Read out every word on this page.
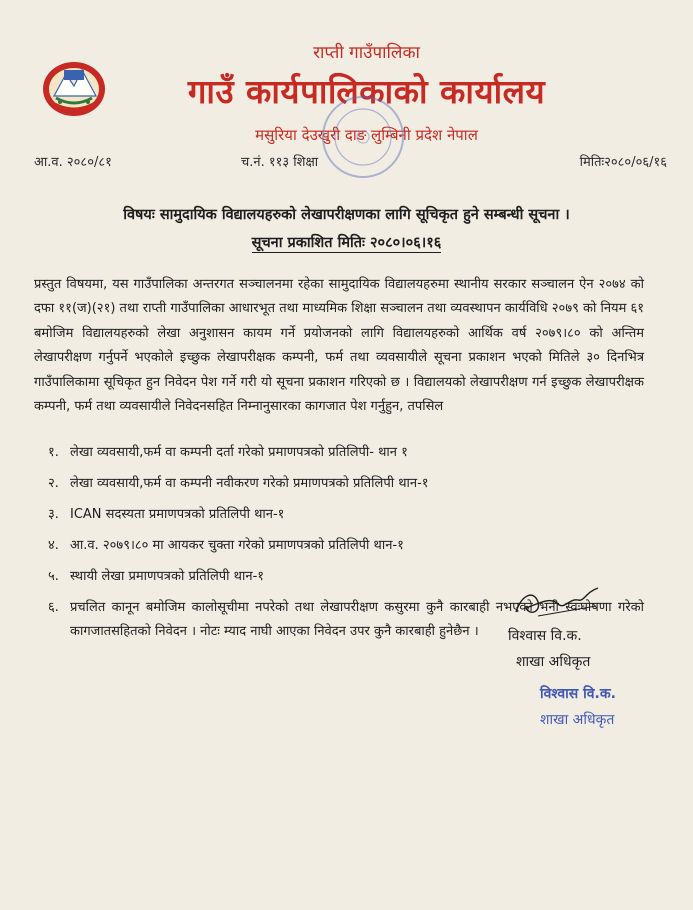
राप्ती गाउँपालिका
गाउँ कार्यपालिकाको कार्यालय
मसुरिया देउखुरी दाङ लुम्बिनी प्रदेश नेपाल
आ.व. २०८०/८१	च.नं. ११३ शिक्षा	मितिः२०८०/०६/१६
विषयः सामुदायिक विद्यालयहरुको लेखापरीक्षणका लागि सूचिकृत हुने सम्बन्धी सूचना ।
सूचना प्रकाशित मितिः २०८०।०६।१६
प्रस्तुत विषयमा, यस गाउँपालिका अन्तरगत सञ्चालनमा रहेका सामुदायिक विद्यालयहरुमा स्थानीय सरकार सञ्चालन ऐन २०७४ को दफा ११(ज)(२१) तथा राप्ती गाउँपालिका आधारभूत तथा माध्यमिक शिक्षा सञ्चालन तथा व्यवस्थापन कार्यविधि २०७९ को नियम ६१ बमोजिम विद्यालयहरुको लेखा अनुशासन कायम गर्ने प्रयोजनको लागि विद्यालयहरुको आर्थिक वर्ष २०७९।८० को अन्तिम लेखापरीक्षण गर्नुपर्ने भएकोले इच्छुक लेखापरीक्षक कम्पनी, फर्म तथा व्यवसायीले सूचना प्रकाशन भएको मितिले ३० दिनभित्र गाउँपालिकामा सूचिकृत हुन निवेदन पेश गर्ने गरी यो सूचना प्रकाशन गरिएको छ । विद्यालयको लेखापरीक्षण गर्न इच्छुक लेखापरीक्षक कम्पनी, फर्म तथा व्यवसायीले निवेदनसहित निम्नानुसारका कागजात पेश गर्नुहुन, तपसिल
१. लेखा व्यवसायी,फर्म वा कम्पनी दर्ता गरेको प्रमाणपत्रको प्रतिलिपी- थान १
२. लेखा व्यवसायी,फर्म वा कम्पनी नवीकरण गरेको प्रमाणपत्रको प्रतिलिपी थान-१
३. ICAN सदस्यता प्रमाणपत्रको प्रतिलिपी थान-१
४. आ.व. २०७९।८० मा आयकर चुक्ता गरेको प्रमाणपत्रको प्रतिलिपी थान-१
५. स्थायी लेखा प्रमाणपत्रको प्रतिलिपी थान-१
६. प्रचलित कानून बमोजिम कालोसूचीमा नपरेको तथा लेखापरीक्षण कसुरमा कुनै कारबाही नभएको भनी स्वःघोषणा गरेको कागजातसहितको निवेदन । नोटः म्याद नाघी आएका निवेदन उपर कुनै कारबाही हुनेछैन ।	विश्वास वि.क.
शाखा अधिकृत
विश्वास वि.क.
शाखा अधिकृत
